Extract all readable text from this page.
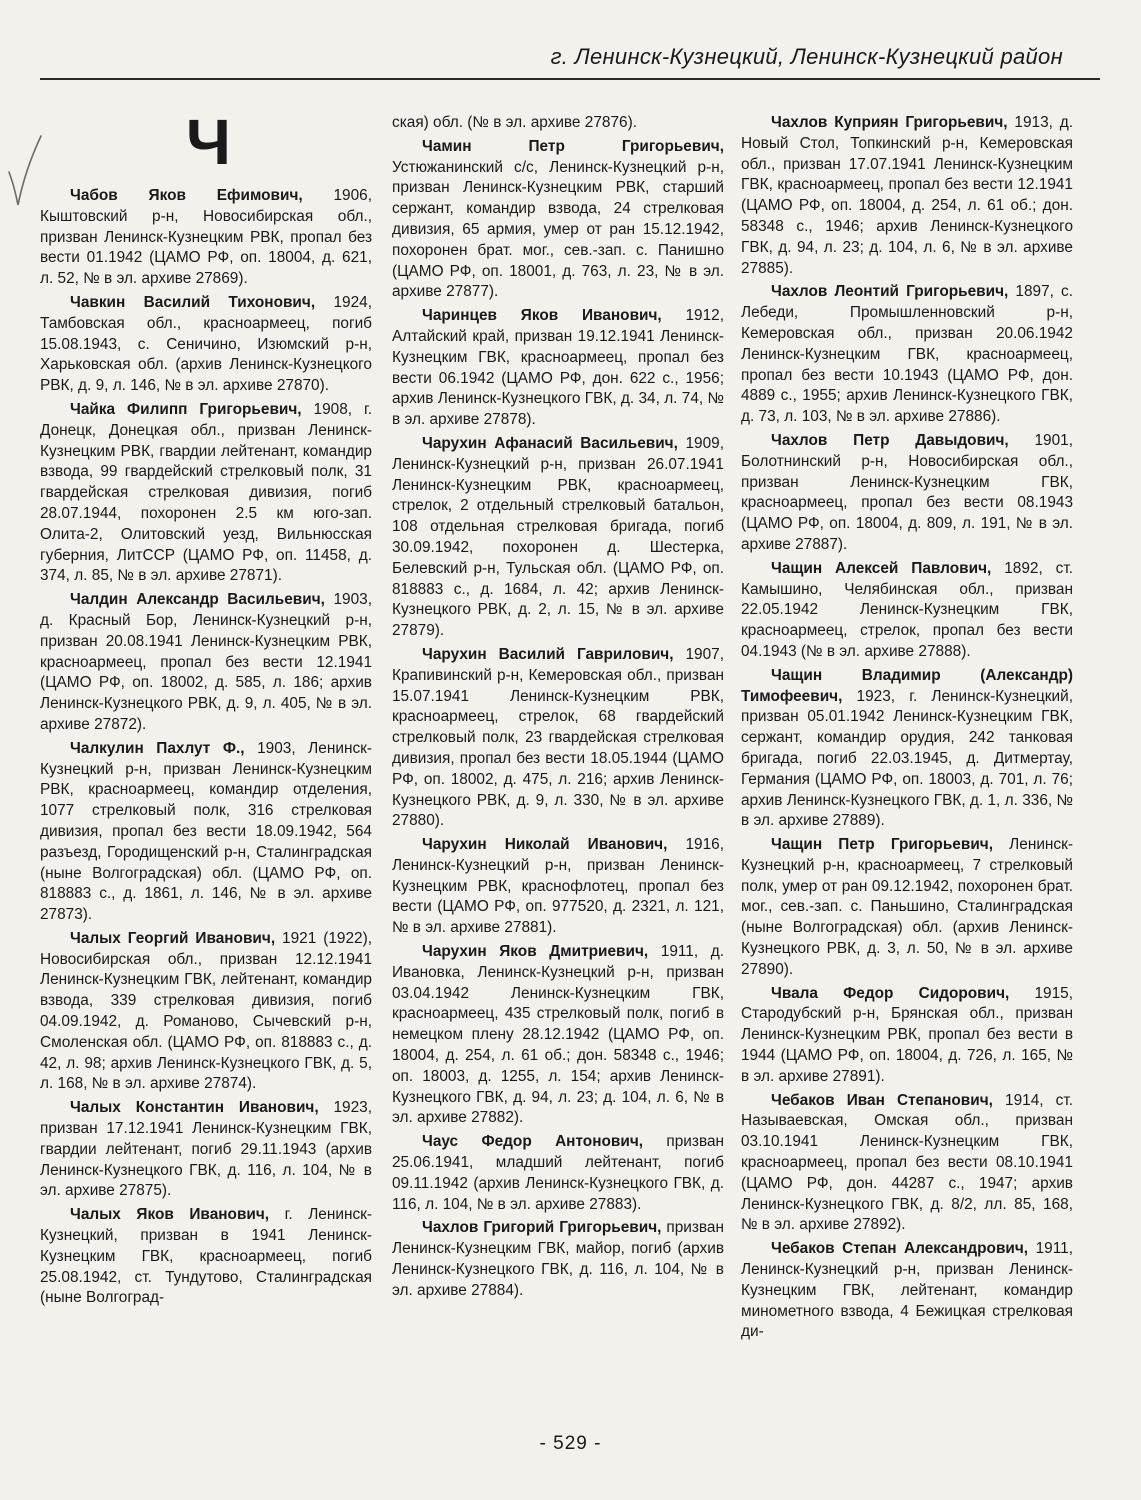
г. Ленинск-Кузнецкий, Ленинск-Кузнецкий район
Ч

Чабов Яков Ефимович, 1906, Кыштовский р-н, Новосибирская обл., призван Ленинск-Кузнецким РВК, пропал без вести 01.1942 (ЦАМО РФ, оп. 18004, д. 621, л. 52, № в эл. архиве 27869).

Чавкин Василий Тихонович, 1924, Тамбовская обл., красноармеец, погиб 15.08.1943, с. Сеничино, Изюмский р-н, Харьковская обл. (архив Ленинск-Кузнецкого РВК, д. 9, л. 146, № в эл. архиве 27870).

Чайка Филипп Григорьевич, 1908, г. Донецк, Донецкая обл., призван Ленинск-Кузнецким РВК, гвардии лейтенант, командир взвода, 99 гвардейский стрелковый полк, 31 гвардейская стрелковая дивизия, погиб 28.07.1944, похоронен 2.5 км юго-зап. Олита-2, Олитовский уезд, Вильнюсская губерния, ЛитССР (ЦАМО РФ, оп. 11458, д. 374, л. 85, № в эл. архиве 27871).

Чалдин Александр Васильевич, 1903, д. Красный Бор, Ленинск-Кузнецкий р-н, призван 20.08.1941 Ленинск-Кузнецким РВК, красноармеец, пропал без вести 12.1941 (ЦАМО РФ, оп. 18002, д. 585, л. 186; архив Ленинск-Кузнецкого РВК, д. 9, л. 405, № в эл. архиве 27872).

Чалкулин Пахлут Ф., 1903, Ленинск-Кузнецкий р-н, призван Ленинск-Кузнецким РВК, красноармеец, командир отделения, 1077 стрелковый полк, 316 стрелковая дивизия, пропал без вести 18.09.1942, 564 разъезд, Городищенский р-н, Сталинградская (ныне Волгоградская) обл. (ЦАМО РФ, оп. 818883 с., д. 1861, л. 146, № в эл. архиве 27873).

Чалых Георгий Иванович, 1921 (1922), Новосибирская обл., призван 12.12.1941 Ленинск-Кузнецким ГВК, лейтенант, командир взвода, 339 стрелковая дивизия, погиб 04.09.1942, д. Романово, Сычевский р-н, Смоленская обл. (ЦАМО РФ, оп. 818883 с., д. 42, л. 98; архив Ленинск-Кузнецкого ГВК, д. 5, л. 168, № в эл. архиве 27874).

Чалых Константин Иванович, 1923, призван 17.12.1941 Ленинск-Кузнецким ГВК, гвардии лейтенант, погиб 29.11.1943 (архив Ленинск-Кузнецкого ГВК, д. 116, л. 104, № в эл. архиве 27875).

Чалых Яков Иванович, г. Ленинск-Кузнецкий, призван в 1941 Ленинск-Кузнецким ГВК, красноармеец, погиб 25.08.1942, ст. Тундутово, Сталинградская (ныне Волгоград-

ская) обл. (№ в эл. архиве 27876).

Чамин Петр Григорьевич, Устюжанинский с/с, Ленинск-Кузнецкий р-н, призван Ленинск-Кузнецким РВК, старший сержант, командир взвода, 24 стрелковая дивизия, 65 армия, умер от ран 15.12.1942, похоронен брат. мог., сев.-зап. с. Панишно (ЦАМО РФ, оп. 18001, д. 763, л. 23, № в эл. архиве 27877).

Чаринцев Яков Иванович, 1912, Алтайский край, призван 19.12.1941 Ленинск-Кузнецким ГВК, красноармеец, пропал без вести 06.1942 (ЦАМО РФ, дон. 622 с., 1956; архив Ленинск-Кузнецкого ГВК, д. 34, л. 74, № в эл. архиве 27878).

Чарухин Афанасий Васильевич, 1909, Ленинск-Кузнецкий р-н, призван 26.07.1941 Ленинск-Кузнецким РВК, красноармеец, стрелок, 2 отдельный стрелковый батальон, 108 отдельная стрелковая бригада, погиб 30.09.1942, похоронен д. Шестерка, Белевский р-н, Тульская обл. (ЦАМО РФ, оп. 818883 с., д. 1684, л. 42; архив Ленинск-Кузнецкого РВК, д. 2, л. 15, № в эл. архиве 27879).

Чарухин Василий Гаврилович, 1907, Крапивинский р-н, Кемеровская обл., призван 15.07.1941 Ленинск-Кузнецким РВК, красноармеец, стрелок, 68 гвардейский стрелковый полк, 23 гвардейская стрелковая дивизия, пропал без вести 18.05.1944 (ЦАМО РФ, оп. 18002, д. 475, л. 216; архив Ленинск-Кузнецкого РВК, д. 9, л. 330, № в эл. архиве 27880).

Чарухин Николай Иванович, 1916, Ленинск-Кузнецкий р-н, призван Ленинск-Кузнецким РВК, краснофлотец, пропал без вести (ЦАМО РФ, оп. 977520, д. 2321, л. 121, № в эл. архиве 27881).

Чарухин Яков Дмитриевич, 1911, д. Ивановка, Ленинск-Кузнецкий р-н, призван 03.04.1942 Ленинск-Кузнецким ГВК, красноармеец, 435 стрелковый полк, погиб в немецком плену 28.12.1942 (ЦАМО РФ, оп. 18004, д. 254, л. 61 об.; дон. 58348 с., 1946; оп. 18003, д. 1255, л. 154; архив Ленинск-Кузнецкого ГВК, д. 94, л. 23; д. 104, л. 6, № в эл. архиве 27882).

Чаус Федор Антонович, призван 25.06.1941, младший лейтенант, погиб 09.11.1942 (архив Ленинск-Кузнецкого ГВК, д. 116, л. 104, № в эл. архиве 27883).

Чахлов Григорий Григорьевич, призван Ленинск-Кузнецким ГВК, майор, погиб (архив Ленинск-Кузнецкого ГВК, д. 116, л. 104, № в эл. архиве 27884).

Чахлов Куприян Григорьевич, 1913, д. Новый Стол, Топкинский р-н, Кемеровская обл., призван 17.07.1941 Ленинск-Кузнецким ГВК, красноармеец, пропал без вести 12.1941 (ЦАМО РФ, оп. 18004, д. 254, л. 61 об.; дон. 58348 с., 1946; архив Ленинск-Кузнецкого ГВК, д. 94, л. 23; д. 104, л. 6, № в эл. архиве 27885).

Чахлов Леонтий Григорьевич, 1897, с. Лебеди, Промышленновский р-н, Кемеровская обл., призван 20.06.1942 Ленинск-Кузнецким ГВК, красноармеец, пропал без вести 10.1943 (ЦАМО РФ, дон. 4889 с., 1955; архив Ленинск-Кузнецкого ГВК, д. 73, л. 103, № в эл. архиве 27886).

Чахлов Петр Давыдович, 1901, Болотнинский р-н, Новосибирская обл., призван Ленинск-Кузнецким ГВК, красноармеец, пропал без вести 08.1943 (ЦАМО РФ, оп. 18004, д. 809, л. 191, № в эл. архиве 27887).

Чащин Алексей Павлович, 1892, ст. Камышино, Челябинская обл., призван 22.05.1942 Ленинск-Кузнецким ГВК, красноармеец, стрелок, пропал без вести 04.1943 (№ в эл. архиве 27888).

Чащин Владимир (Александр) Тимофеевич, 1923, г. Ленинск-Кузнецкий, призван 05.01.1942 Ленинск-Кузнецким ГВК, сержант, командир орудия, 242 танковая бригада, погиб 22.03.1945, д. Дитмертау, Германия (ЦАМО РФ, оп. 18003, д. 701, л. 76; архив Ленинск-Кузнецкого ГВК, д. 1, л. 336, № в эл. архиве 27889).

Чащин Петр Григорьевич, Ленинск-Кузнецкий р-н, красноармеец, 7 стрелковый полк, умер от ран 09.12.1942, похоронен брат. мог., сев.-зап. с. Паньшино, Сталинградская (ныне Волгоградская) обл. (архив Ленинск-Кузнецкого РВК, д. 3, л. 50, № в эл. архиве 27890).

Чвала Федор Сидорович, 1915, Стародубский р-н, Брянская обл., призван Ленинск-Кузнецким РВК, пропал без вести в 1944 (ЦАМО РФ, оп. 18004, д. 726, л. 165, № в эл. архиве 27891).

Чебаков Иван Степанович, 1914, ст. Называевская, Омская обл., призван 03.10.1941 Ленинск-Кузнецким ГВК, красноармеец, пропал без вести 08.10.1941 (ЦАМО РФ, дон. 44287 с., 1947; архив Ленинск-Кузнецкого ГВК, д. 8/2, лл. 85, 168, № в эл. архиве 27892).

Чебаков Степан Александрович, 1911, Ленинск-Кузнецкий р-н, призван Ленинск-Кузнецким ГВК, лейтенант, командир минометного взвода, 4 Бежицкая стрелковая ди-

- 529 -
